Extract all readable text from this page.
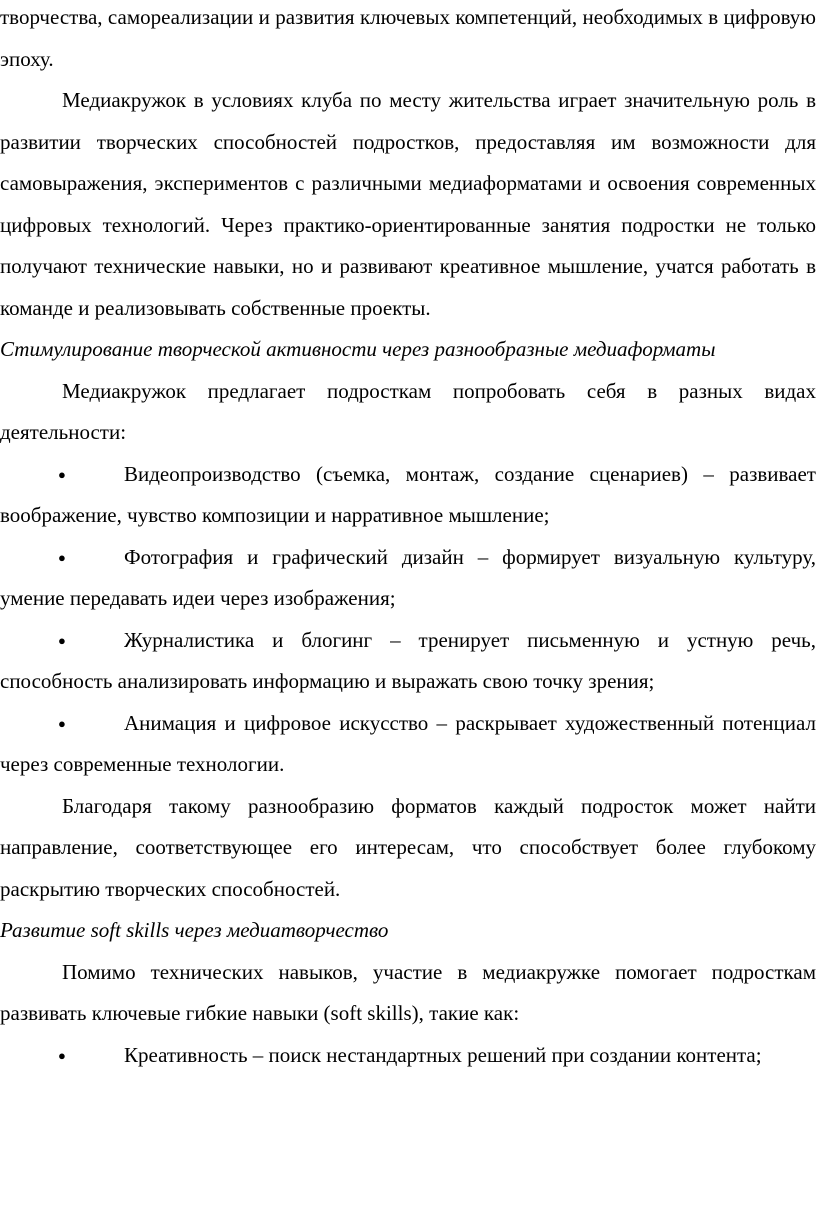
творчества, самореализации и развития ключевых компетенций, необходимых в цифровую эпоху.

Медиакружок в условиях клуба по месту жительства играет значительную роль в развитии творческих способностей подростков, предоставляя им возможности для самовыражения, экспериментов с различными медиаформатами и освоения современных цифровых технологий. Через практико-ориентированные занятия подростки не только получают технические навыки, но и развивают креативное мышление, учатся работать в команде и реализовывать собственные проекты.

Стимулирование творческой активности через разнообразные медиаформаты

Медиакружок предлагает подросткам попробовать себя в разных видах деятельности:

●	Видеопроизводство (съемка, монтаж, создание сценариев) – развивает воображение, чувство композиции и нарративное мышление;

●	Фотография и графический дизайн – формирует визуальную культуру, умение передавать идеи через изображения;

●	Журналистика и блогинг – тренирует письменную и устную речь, способность анализировать информацию и выражать свою точку зрения;

●	Анимация и цифровое искусство – раскрывает художественный потенциал через современные технологии.

Благодаря такому разнообразию форматов каждый подросток может найти направление, соответствующее его интересам, что способствует более глубокому раскрытию творческих способностей.

Развитие soft skills через медиатворчество

Помимо технических навыков, участие в медиакружке помогает подросткам развивать ключевые гибкие навыки (soft skills), такие как:

●	Креативность – поиск нестандартных решений при создании контента;
